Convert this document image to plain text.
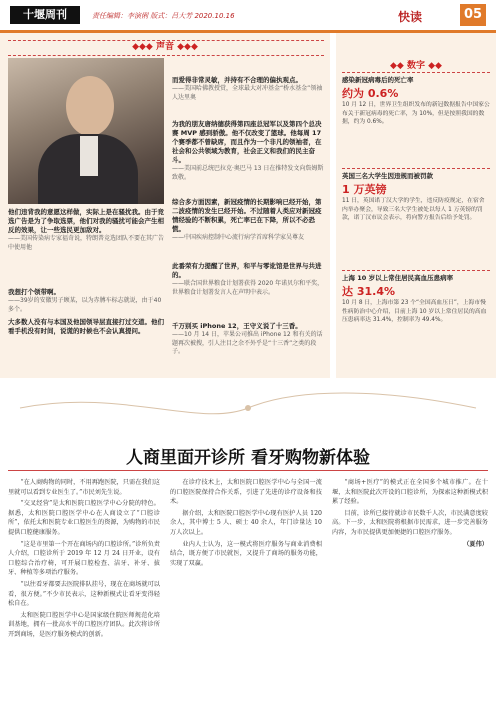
十堰周刊	责任编辑：李演俐 版式：吕大芳 2020.10.16	快读	05
◆◆◆ 声音 ◆◆◆
他们违背我的意愿这样做，实际上是在骚扰我。由于竞选广告是为了争取选票，他们对我的骚扰可能会产生相反的效果，让一些选民更加敌对。
——美国传染病专家福奇说，特朗普竞选团队不要在其广告中使用他
我想打个领带啊。
——39岁的安徽男子顾某，以为赤膊车标志就说，由于40多个。
大多数人没有与本国及他国领导层直接打过交道。他们看手机没有时间，说谎的时候也不会认真提问。
而爱得非常灵敏，并持有不合理的偏执观点。
——美国哈佛教授赏，全球最大对冲基金“桥水基金”领袖人达里奥
为我的朋友唐纳德获得第四座总冠军以及第四个总决赛 MVP 感到骄傲。他不仅改变了篮球。他每周 17 个赛季都不曾缺席，而且作为一个非凡的领袖者，在社会和公共领域为教育，社会正义和我们的民主奋斗。
——美国前总统巴拉克·奥巴马 13 日在推特发文向詹姆斯致敬。
综合多方面因素，新冠疫情的长期影响已经开始，第二波疫情的发生已经开始。不过随着人类应对新冠疫情经验的不断积累，死亡率已在下降，所以不必恐慌。
——中国疾病控制中心流行病学首席科学家吴尊友
此番荣有力提醒了世界，和平与零讹馆是世界与共进的。
——联合国世界粮食计划署获得 2020 年诺贝尔和平奖，世界粮食计划署发言人在声明中表示。
千万别买 iPhone 12，王守义说了十三香。
——10 月 14 日，苹果公司推出 iPhone 12 和有关的话题再次被搜，引人注目之余不外乎是“十三香”之类的段子。
◆◆ 数字 ◆◆
感染新冠病毒后的死亡率
约为 0.6%
10 月 12 日，世界卫生组织发布的新冠数据报告中国家公布关于新冠病毒的死亡率，为 10%，但是按照我国的数据，约为 0.6%。
英国三名大学生因违规而被罚款
1 万英镑
11 日，英国诺丁汉大学的学生，违反防疫规定，在宿舍内举办聚会，导致三名大学生被处以每人 1 万英镑的罚款，诺丁汉市议会表示，将向警方报告后给予处罚。
上海 10 岁以上常住居民高血压患病率
达 31.4%
10 月 8 日，上海市第 23 个“全国高血压日”，上海市慢性病防治中心介绍，目前上海 10 岁以上常住居民的高血压患病率达 31.4%，控制率为 49.4%。
人商里面开诊所 看牙购物新体验

“在人商购物的同时，不用再跑医院，只需在我们这里就可以看到专业医生了。”市民刘先生说。

“交叉经营”是太和医院口腔医学中心分院的特色。据悉，太和医院口腔医学中心在人商设立了“口腔诊所”，依托太和医院专业口腔医生的资源，为购物的市民提供口腔健康服务。

“这是市里第一个开在商场内的口腔诊所。”诊所负责人介绍，口腔诊所于 2019 年 12 月 24 日开业，设有口腔综合治疗椅，可开展口腔检查、洁牙、补牙、拔牙、种植等多项治疗服务。

“以往看牙都要去医院排队挂号，现在在商场就可以看，很方便。”不少市民表示，这种新模式让看牙变得轻松自在。

太和医院口腔医学中心是国家级住院医师规范化培训基地，拥有一批高水平的口腔医疗团队。此次将诊所开到商场，是医疗服务模式的创新。

在诊疗技术上，太和医院口腔医学中心与全国一流的口腔医院保持合作关系，引进了先进的诊疗设备和技术。

据介绍，太和医院口腔医学中心现有医护人员 120 余人，其中博士 5 人、硕士 40 余人，年门诊量达 10 万人次以上。

业内人士认为，这一模式将医疗服务与商业消费相结合，既方便了市民就医，又提升了商场的服务功能，实现了双赢。

“商场+医疗”的模式正在全国多个城市推广。在十堰，太和医院此次开设的口腔诊所，为探索这种新模式积累了经验。

目前，诊所已接待就诊市民数千人次，市民满意度较高。下一步，太和医院将根据市民需求，进一步完善服务内容，为市民提供更加便捷的口腔医疗服务。

（夏伟）
